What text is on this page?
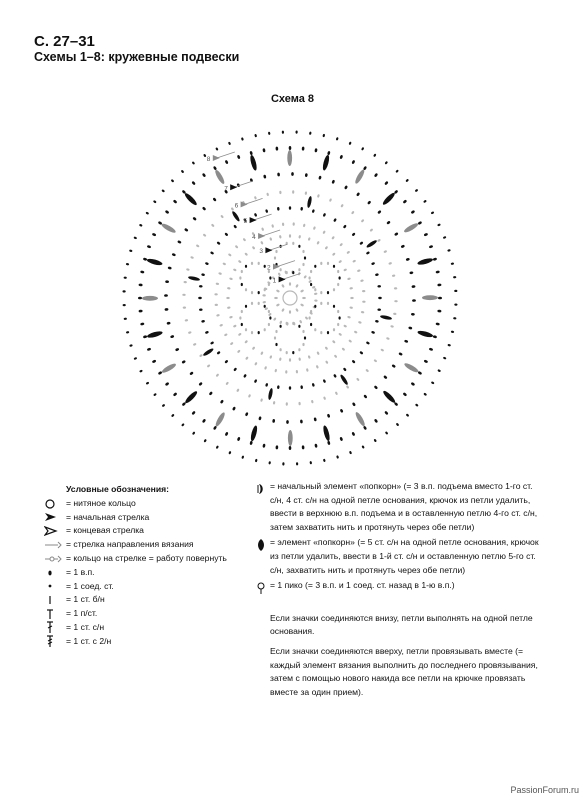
С. 27–31
Схемы 1–8: кружевные подвески
Схема 8
1
2
3
4
5
6
7
8
Условные обозначения:
= нитяное кольцо
= начальная стрелка
= концевая стрелка
= стрелка направления вязания
= кольцо на стрелке = работу повернуть
= 1 в.п.
= 1 соед. ст.
= 1 ст. б/н
= 1 п/ст.
= 1 ст. с/н
= 1 ст. с 2/н
= начальный элемент «попкорн» (= 3 в.п. подъема вместо 1-го ст. с/н, 4 ст. с/н на одной петле основания, крючок из петли удалить, ввести в верхнюю в.п. подъема и в оставленную петлю 4-го ст. с/н, затем захватить нить и протянуть через обе петли)
= элемент «попкорн» (= 5 ст. с/н на одной петле основания, крючок из петли удалить, ввести в 1-й ст. с/н и оставленную петлю 5-го ст. с/н, захватить нить и протянуть через обе петли)
= 1 пико (= 3 в.п. и 1 соед. ст. назад в 1-ю в.п.)

Если значки соединяются внизу, петли выполнять на одной петле основания.

Если значки соединяются вверху, петли провязывать вместе (= каждый элемент вязания выполнить до последнего провязывания, затем с помощью нового накида все петли на крючке провязать вместе за один прием).

PassionForum.ru
